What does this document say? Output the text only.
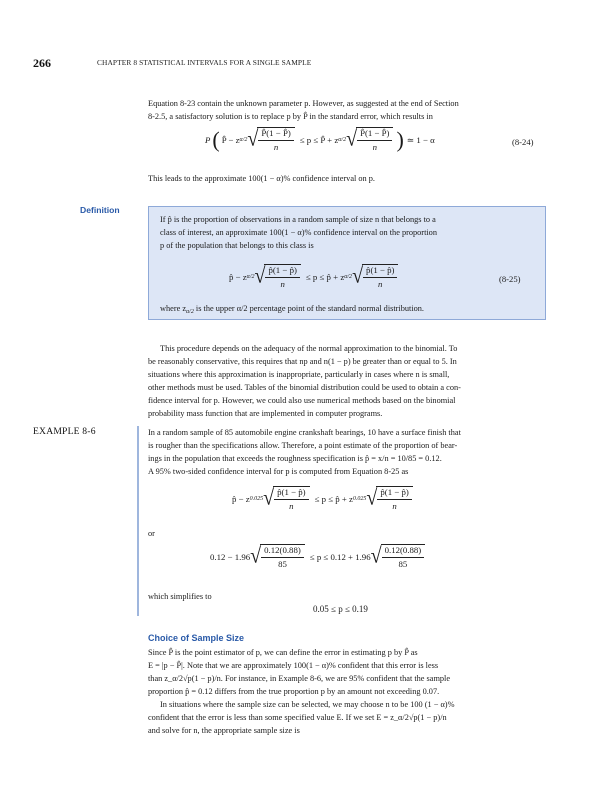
266	CHAPTER 8 STATISTICAL INTERVALS FOR A SINGLE SAMPLE
Equation 8-23 contain the unknown parameter p. However, as suggested at the end of Section
8-2.5, a satisfactory solution is to replace p by P̂ in the standard error, which results in
P ( P̂ − z α/2 √ $\frac{P̂(1 - P̂)}{n} \le p$ ≤ P̂ + z α/2 √ $\frac{P̂(1 - P̂)}{n}$ ) ≃ 1 − α	(8-24)
This leads to the approximate 100(1 − α)% confidence interval on p.
Definition
If p̂ is the proportion of observations in a random sample of size n that belongs to a
class of interest, an approximate 100(1 − α)% confidence interval on the proportion
p of the population that belongs to this class is
p̂ − z α/2 √ $\frac{p̂(1 - p̂)}{n} \le p$ ≤ p̂ + z α/2 √ $\frac{p̂(1 - p̂)}{n}$	(8-25)
where $z_{\alpha/2}$ is the upper α/2 percentage point of the standard normal distribution.
This procedure depends on the adequacy of the normal approximation to the binomial. To
be reasonably conservative, this requires that np and n(1 − p) be greater than or equal to 5. In
situations where this approximation is inappropriate, particularly in cases where n is small,
other methods must be used. Tables of the binomial distribution could be used to obtain a con-
fidence interval for p. However, we could also use numerical methods based on the binomial
probability mass function that are implemented in computer programs.
EXAMPLE 8-6	In a random sample of 85 automobile engine crankshaft bearings, 10 have a surface finish that
is rougher than the specifications allow. Therefore, a point estimate of the proportion of bear-
ings in the population that exceeds the roughness specification is p̂ = x/n = 10/85 = 0.12.
A 95% two-sided confidence interval for p is computed from Equation 8-25 as
p̂ − z 0.025 √ $\frac{p̂(1 - p̂)}{n} \le p$ ≤ p̂ + z 0.025 √ $\frac{p̂(1 - p̂)}{n}$
or
0.12 − 1.96 √ $\frac{0.12(0.88)}{85} \le p \le 0.12 + 1.96$ √ $\frac{0.12(0.88)}{85}$
which simplifies to
0.05 ≤ p ≤ 0.19
Choice of Sample Size
Since P̂ is the point estimator of p, we can define the error in estimating p by P̂ as
E = |p − P̂|. Note that we are approximately 100(1 − α)% confident that this error is less
than z_α/2√p(1 − p)/n. For instance, in Example 8-6, we are 95% confident that the sample
proportion p̂ = 0.12 differs from the true proportion p by an amount not exceeding 0.07.
In situations where the sample size can be selected, we may choose n to be 100 (1 − α)%
confident that the error is less than some specified value E. If we set E = z_α/2√p(1 − p)/n
and solve for n, the appropriate sample size is
